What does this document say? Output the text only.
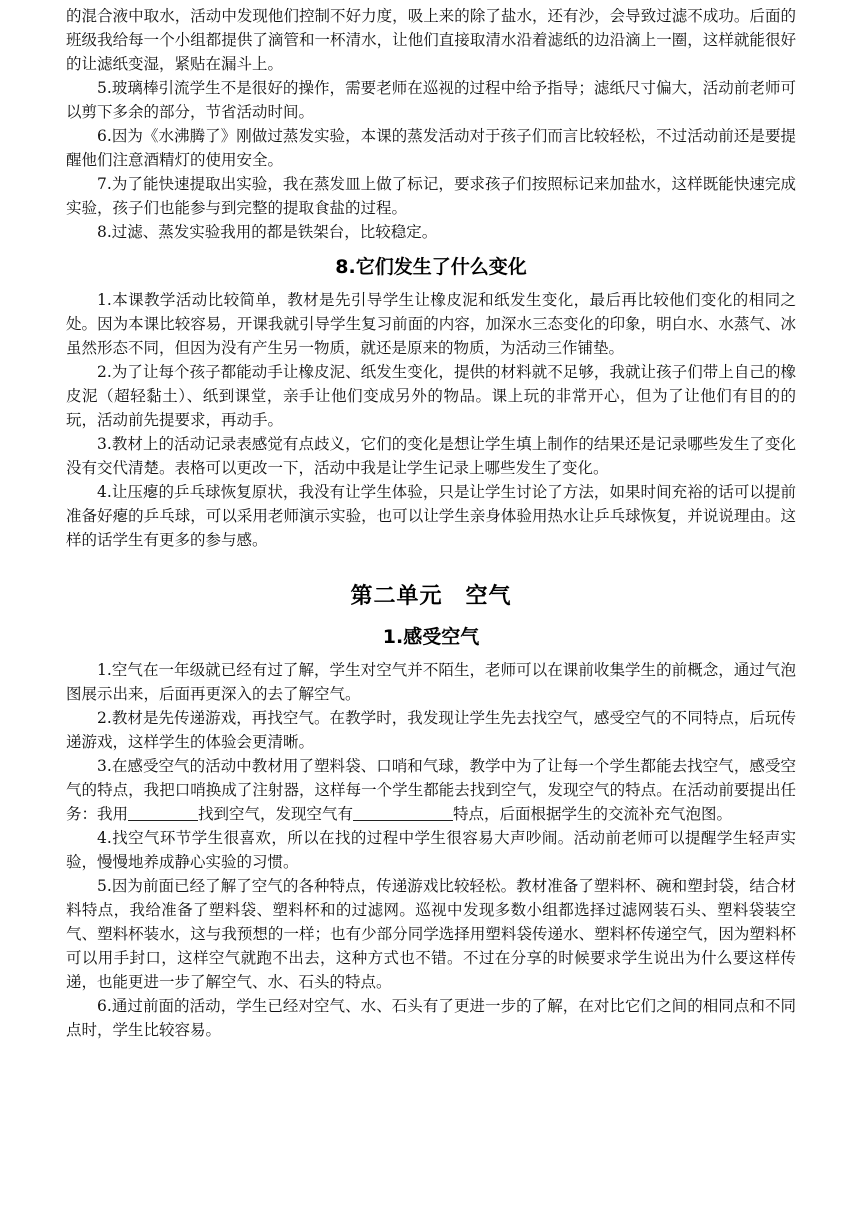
的混合液中取水，活动中发现他们控制不好力度，吸上来的除了盐水，还有沙，会导致过滤不成功。后面的班级我给每一个小组都提供了滴管和一杯清水，让他们直接取清水沿着滤纸的边沿滴上一圈，这样就能很好的让滤纸变湿，紧贴在漏斗上。

5.玻璃棒引流学生不是很好的操作，需要老师在巡视的过程中给予指导；滤纸尺寸偏大，活动前老师可以剪下多余的部分，节省活动时间。

6.因为《水沸腾了》刚做过蒸发实验，本课的蒸发活动对于孩子们而言比较轻松，不过活动前还是要提醒他们注意酒精灯的使用安全。

7.为了能快速提取出实验，我在蒸发皿上做了标记，要求孩子们按照标记来加盐水，这样既能快速完成实验，孩子们也能参与到完整的提取食盐的过程。

8.过滤、蒸发实验我用的都是铁架台，比较稳定。

8.它们发生了什么变化

1.本课教学活动比较简单，教材是先引导学生让橡皮泥和纸发生变化，最后再比较他们变化的相同之处。因为本课比较容易，开课我就引导学生复习前面的内容，加深水三态变化的印象，明白水、水蒸气、冰虽然形态不同，但因为没有产生另一物质，就还是原来的物质，为活动三作铺垫。

2.为了让每个孩子都能动手让橡皮泥、纸发生变化，提供的材料就不足够，我就让孩子们带上自己的橡皮泥（超轻黏土）、纸到课堂，亲手让他们变成另外的物品。课上玩的非常开心，但为了让他们有目的的玩，活动前先提要求，再动手。

3.教材上的活动记录表感觉有点歧义，它们的变化是想让学生填上制作的结果还是记录哪些发生了变化没有交代清楚。表格可以更改一下，活动中我是让学生记录上哪些发生了变化。

4.让压瘪的乒乓球恢复原状，我没有让学生体验，只是让学生讨论了方法，如果时间充裕的话可以提前准备好瘪的乒乓球，可以采用老师演示实验，也可以让学生亲身体验用热水让乒乓球恢复，并说说理由。这样的话学生有更多的参与感。

第二单元　空气
1.感受空气

1.空气在一年级就已经有过了解，学生对空气并不陌生，老师可以在课前收集学生的前概念，通过气泡图展示出来，后面再更深入的去了解空气。

2.教材是先传递游戏，再找空气。在教学时，我发现让学生先去找空气，感受空气的不同特点，后玩传递游戏，这样学生的体验会更清晰。

3.在感受空气的活动中教材用了塑料袋、口哨和气球，教学中为了让每一个学生都能去找空气，感受空气的特点，我把口哨换成了注射器，这样每一个学生都能去找到空气，发现空气的特点。在活动前要提出任务：我用	找到空气，发现空气有	特点，后面根据学生的交流补充气泡图。

4.找空气环节学生很喜欢，所以在找的过程中学生很容易大声吵闹。活动前老师可以提醒学生轻声实验，慢慢地养成静心实验的习惯。

5.因为前面已经了解了空气的各种特点，传递游戏比较轻松。教材准备了塑料杯、碗和塑封袋，结合材料特点，我给准备了塑料袋、塑料杯和的过滤网。巡视中发现多数小组都选择过滤网装石头、塑料袋装空气、塑料杯装水，这与我预想的一样；也有少部分同学选择用塑料袋传递水、塑料杯传递空气，因为塑料杯可以用手封口，这样空气就跑不出去，这种方式也不错。不过在分享的时候要求学生说出为什么要这样传递，也能更进一步了解空气、水、石头的特点。

6.通过前面的活动，学生已经对空气、水、石头有了更进一步的了解，在对比它们之间的相同点和不同点时，学生比较容易。
